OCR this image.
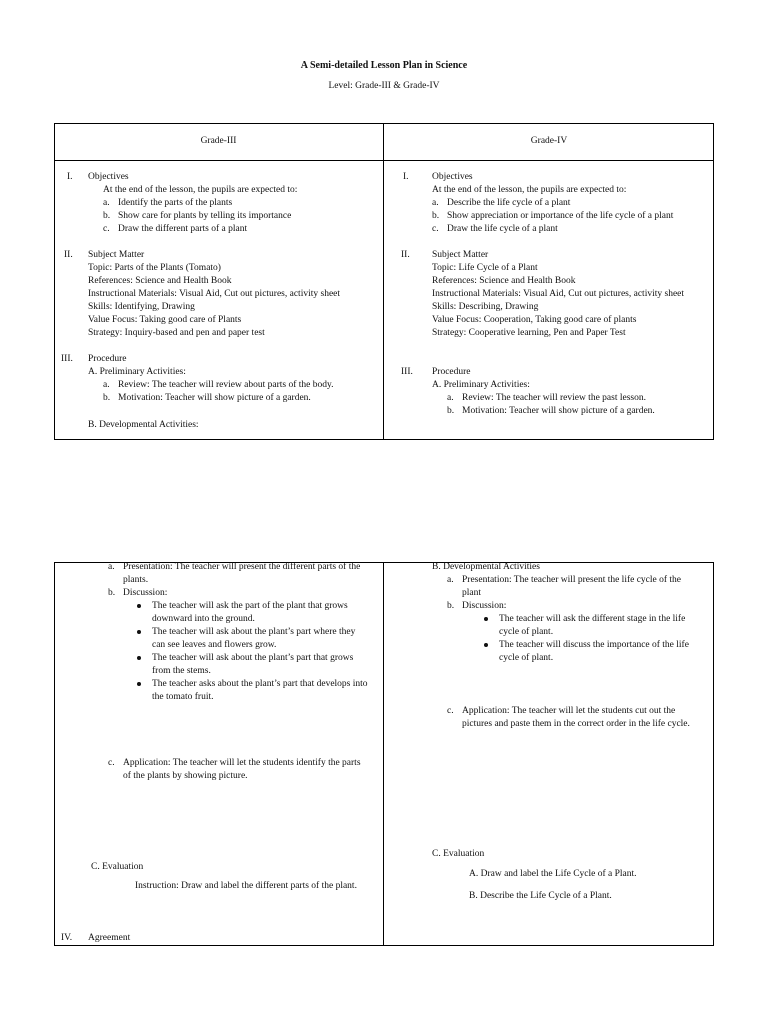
A Semi-detailed Lesson Plan in Science
Level: Grade-III & Grade-IV
Grade-III	Grade-IV
I. Objectives
At the end of the lesson, the pupils are expected to:
a. Identify the parts of the plants
b. Show care for plants by telling its importance
c. Draw the different parts of a plant
II. Subject Matter
Topic: Parts of the Plants (Tomato)
References: Science and Health Book
Instructional Materials: Visual Aid, Cut out pictures, activity sheet
Skills: Identifying, Drawing
Value Focus: Taking good care of Plants
Strategy: Inquiry-based and pen and paper test
III. Procedure
A. Preliminary Activities:
a. Review: The teacher will review about parts of the body.
b. Motivation: Teacher will show picture of a garden.
B. Developmental Activities:
I. Objectives
At the end of the lesson, the pupils are expected to:
a. Describe the life cycle of a plant
b. Show appreciation or importance of the life cycle of a plant
c. Draw the life cycle of a plant
II. Subject Matter
Topic: Life Cycle of a Plant
References: Science and Health Book
Instructional Materials: Visual Aid, Cut out pictures, activity sheet
Skills: Describing, Drawing
Value Focus: Cooperation, Taking good care of plants
Strategy: Cooperative learning, Pen and Paper Test
III. Procedure
A. Preliminary Activities:
a. Review: The teacher will review the past lesson.
b. Motivation: Teacher will show picture of a garden.
a. Presentation: The teacher will present the different parts of the
plants.
b. Discussion:
The teacher will ask the part of the plant that grows
downward into the ground.
The teacher will ask about the plant’s part where they
can see leaves and flowers grow.
The teacher will ask about the plant’s part that grows
from the stems.
The teacher asks about the plant’s part that develops into
the tomato fruit.
c. Application: The teacher will let the students identify the parts
of the plants by showing picture.
C. Evaluation
Instruction: Draw and label the different parts of the plant.
IV. Agreement
B. Developmental Activities
a. Presentation: The teacher will present the life cycle of the
plant
b. Discussion:
The teacher will ask the different stage in the life
cycle of plant.
The teacher will discuss the importance of the life
cycle of plant.
c. Application: The teacher will let the students cut out the
pictures and paste them in the correct order in the life cycle.
C. Evaluation
A. Draw and label the Life Cycle of a Plant.
B. Describe the Life Cycle of a Plant.
